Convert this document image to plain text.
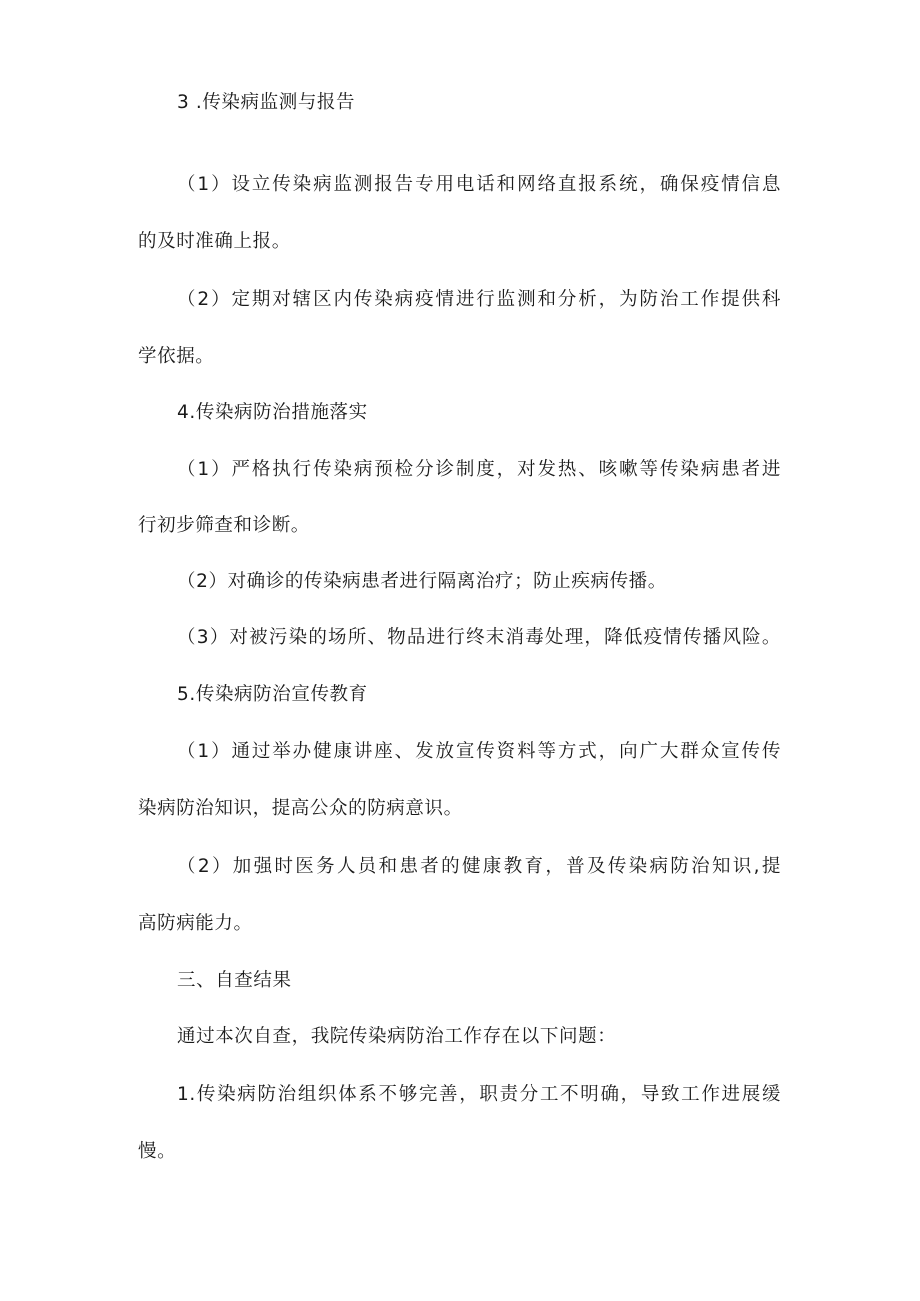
3 .传染病监测与报告
（1）设立传染病监测报告专用电话和网络直报系统，确保疫情信息
的及时准确上报。
（2）定期对辖区内传染病疫情进行监测和分析，为防治工作提供科
学依据。
4.传染病防治措施落实
（1）严格执行传染病预检分诊制度，对发热、咳嗽等传染病患者进
行初步筛查和诊断。
（2）对确诊的传染病患者进行隔离治疗；防止疾病传播。
（3）对被污染的场所、物品进行终末消毒处理，降低疫情传播风险。
5.传染病防治宣传教育
（1）通过举办健康讲座、发放宣传资料等方式，向广大群众宣传传
染病防治知识，提高公众的防病意识。
（2）加强时医务人员和患者的健康教育，普及传染病防治知识,提
高防病能力。
三、自查结果
通过本次自查，我院传染病防治工作存在以下问题：
1.传染病防治组织体系不够完善，职责分工不明确，导致工作进展缓
慢。
